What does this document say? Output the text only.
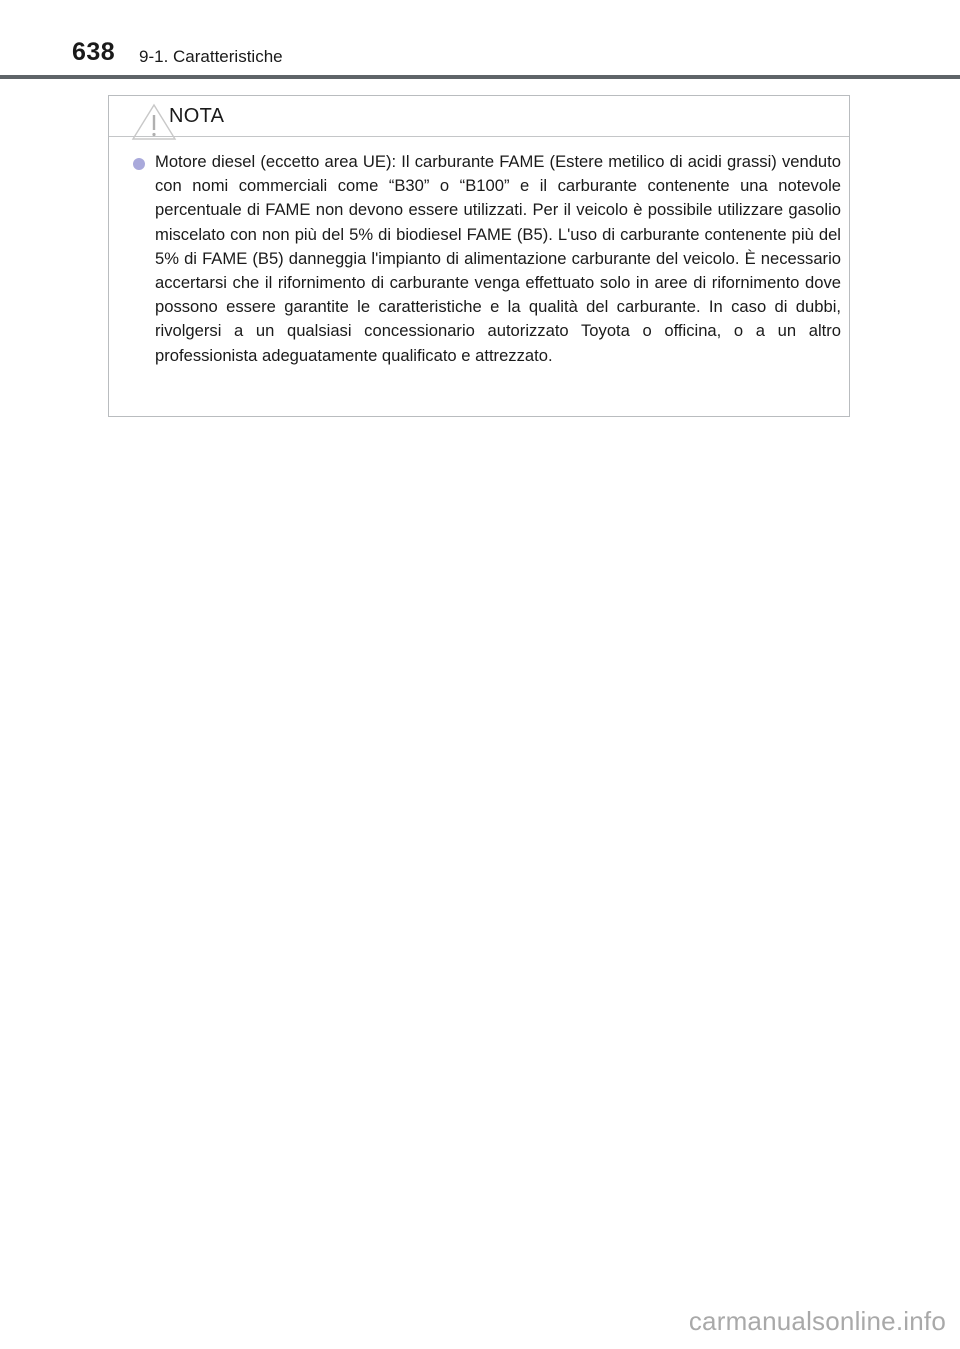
638 9-1. Caratteristiche
NOTA

Motore diesel (eccetto area UE): Il carburante FAME (Estere metilico di acidi grassi) venduto con nomi commerciali come “B30” o “B100” e il carburante contenente una notevole percentuale di FAME non devono essere utilizzati. Per il veicolo è possibile utilizzare gasolio miscelato con non più del 5% di biodiesel FAME (B5). L'uso di carburante contenente più del 5% di FAME (B5) danneggia l'impianto di alimentazione carburante del veicolo. È necessario accertarsi che il rifornimento di carburante venga effettuato solo in aree di rifornimento dove possono essere garantite le caratteristiche e la qualità del carburante. In caso di dubbi, rivolgersi a un qualsiasi concessionario autorizzato Toyota o officina, o a un altro professionista adeguatamente qualificato e attrezzato.

carmanualsonline.info
